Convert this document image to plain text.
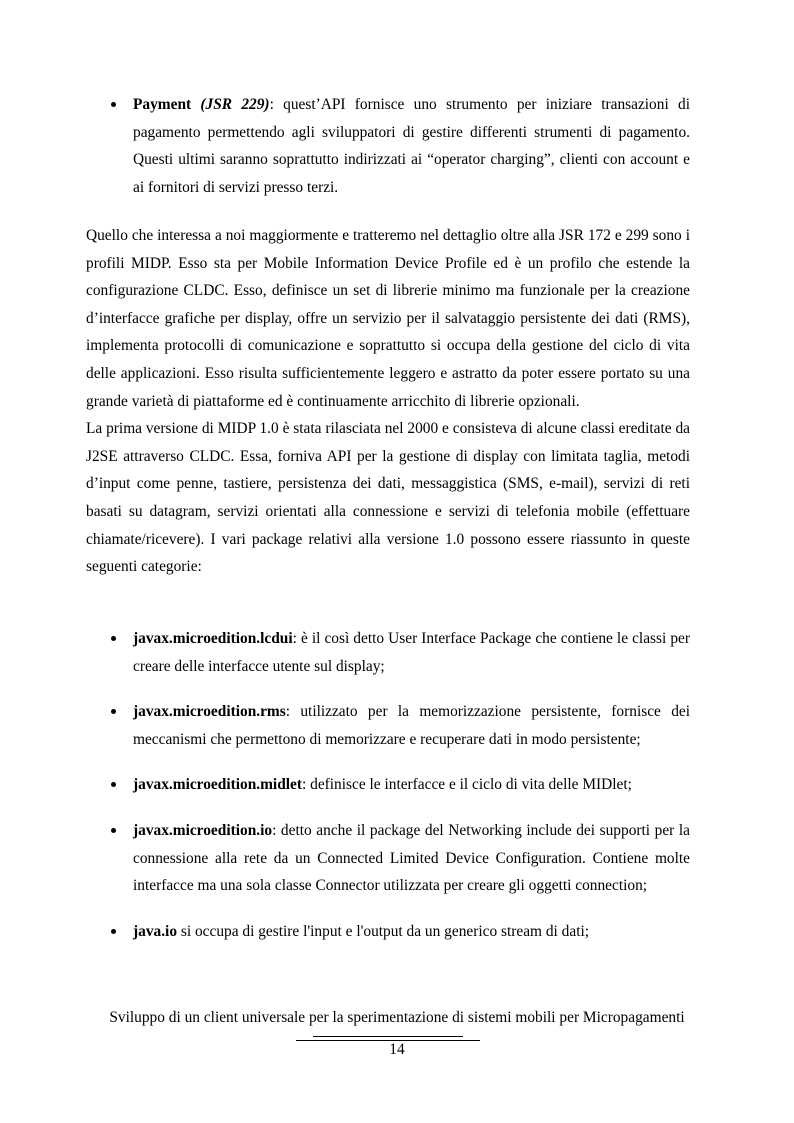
Payment (JSR 229): quest’API fornisce uno strumento per iniziare transazioni di pagamento permettendo agli sviluppatori di gestire differenti strumenti di pagamento. Questi ultimi saranno soprattutto indirizzati ai “operator charging”, clienti con account e ai fornitori di servizi presso terzi.

Quello che interessa a noi maggiormente e tratteremo nel dettaglio oltre alla JSR 172 e 299 sono i profili MIDP. Esso sta per Mobile Information Device Profile ed è un profilo che estende la configurazione CLDC. Esso, definisce un set di librerie minimo ma funzionale per la creazione d’interfacce grafiche per display, offre un servizio per il salvataggio persistente dei dati (RMS), implementa protocolli di comunicazione e soprattutto si occupa della gestione del ciclo di vita delle applicazioni. Esso risulta sufficientemente leggero e astratto da poter essere portato su una grande varietà di piattaforme ed è continuamente arricchito di librerie opzionali.

La prima versione di MIDP 1.0 è stata rilasciata nel 2000 e consisteva di alcune classi ereditate da J2SE attraverso CLDC. Essa, forniva API per la gestione di display con limitata taglia, metodi d’input come penne, tastiere, persistenza dei dati, messaggistica (SMS, e-mail), servizi di reti basati su datagram, servizi orientati alla connessione e servizi di telefonia mobile (effettuare chiamate/ricevere). I vari package relativi alla versione 1.0 possono essere riassunto in queste seguenti categorie:

javax.microedition.lcdui: è il così detto User Interface Package che contiene le classi per creare delle interfacce utente sul display;
javax.microedition.rms: utilizzato per la memorizzazione persistente, fornisce dei meccanismi che permettono di memorizzare e recuperare dati in modo persistente;
javax.microedition.midlet: definisce le interfacce e il ciclo di vita delle MIDlet;
javax.microedition.io: detto anche il package del Networking include dei supporti per la connessione alla rete da un Connected Limited Device Configuration. Contiene molte interfacce ma una sola classe Connector utilizzata per creare gli oggetti connection;
java.io si occupa di gestire l'input e l'output da un generico stream di dati;
Sviluppo di un client universale per la sperimentazione di sistemi mobili per Micropagamenti
14
